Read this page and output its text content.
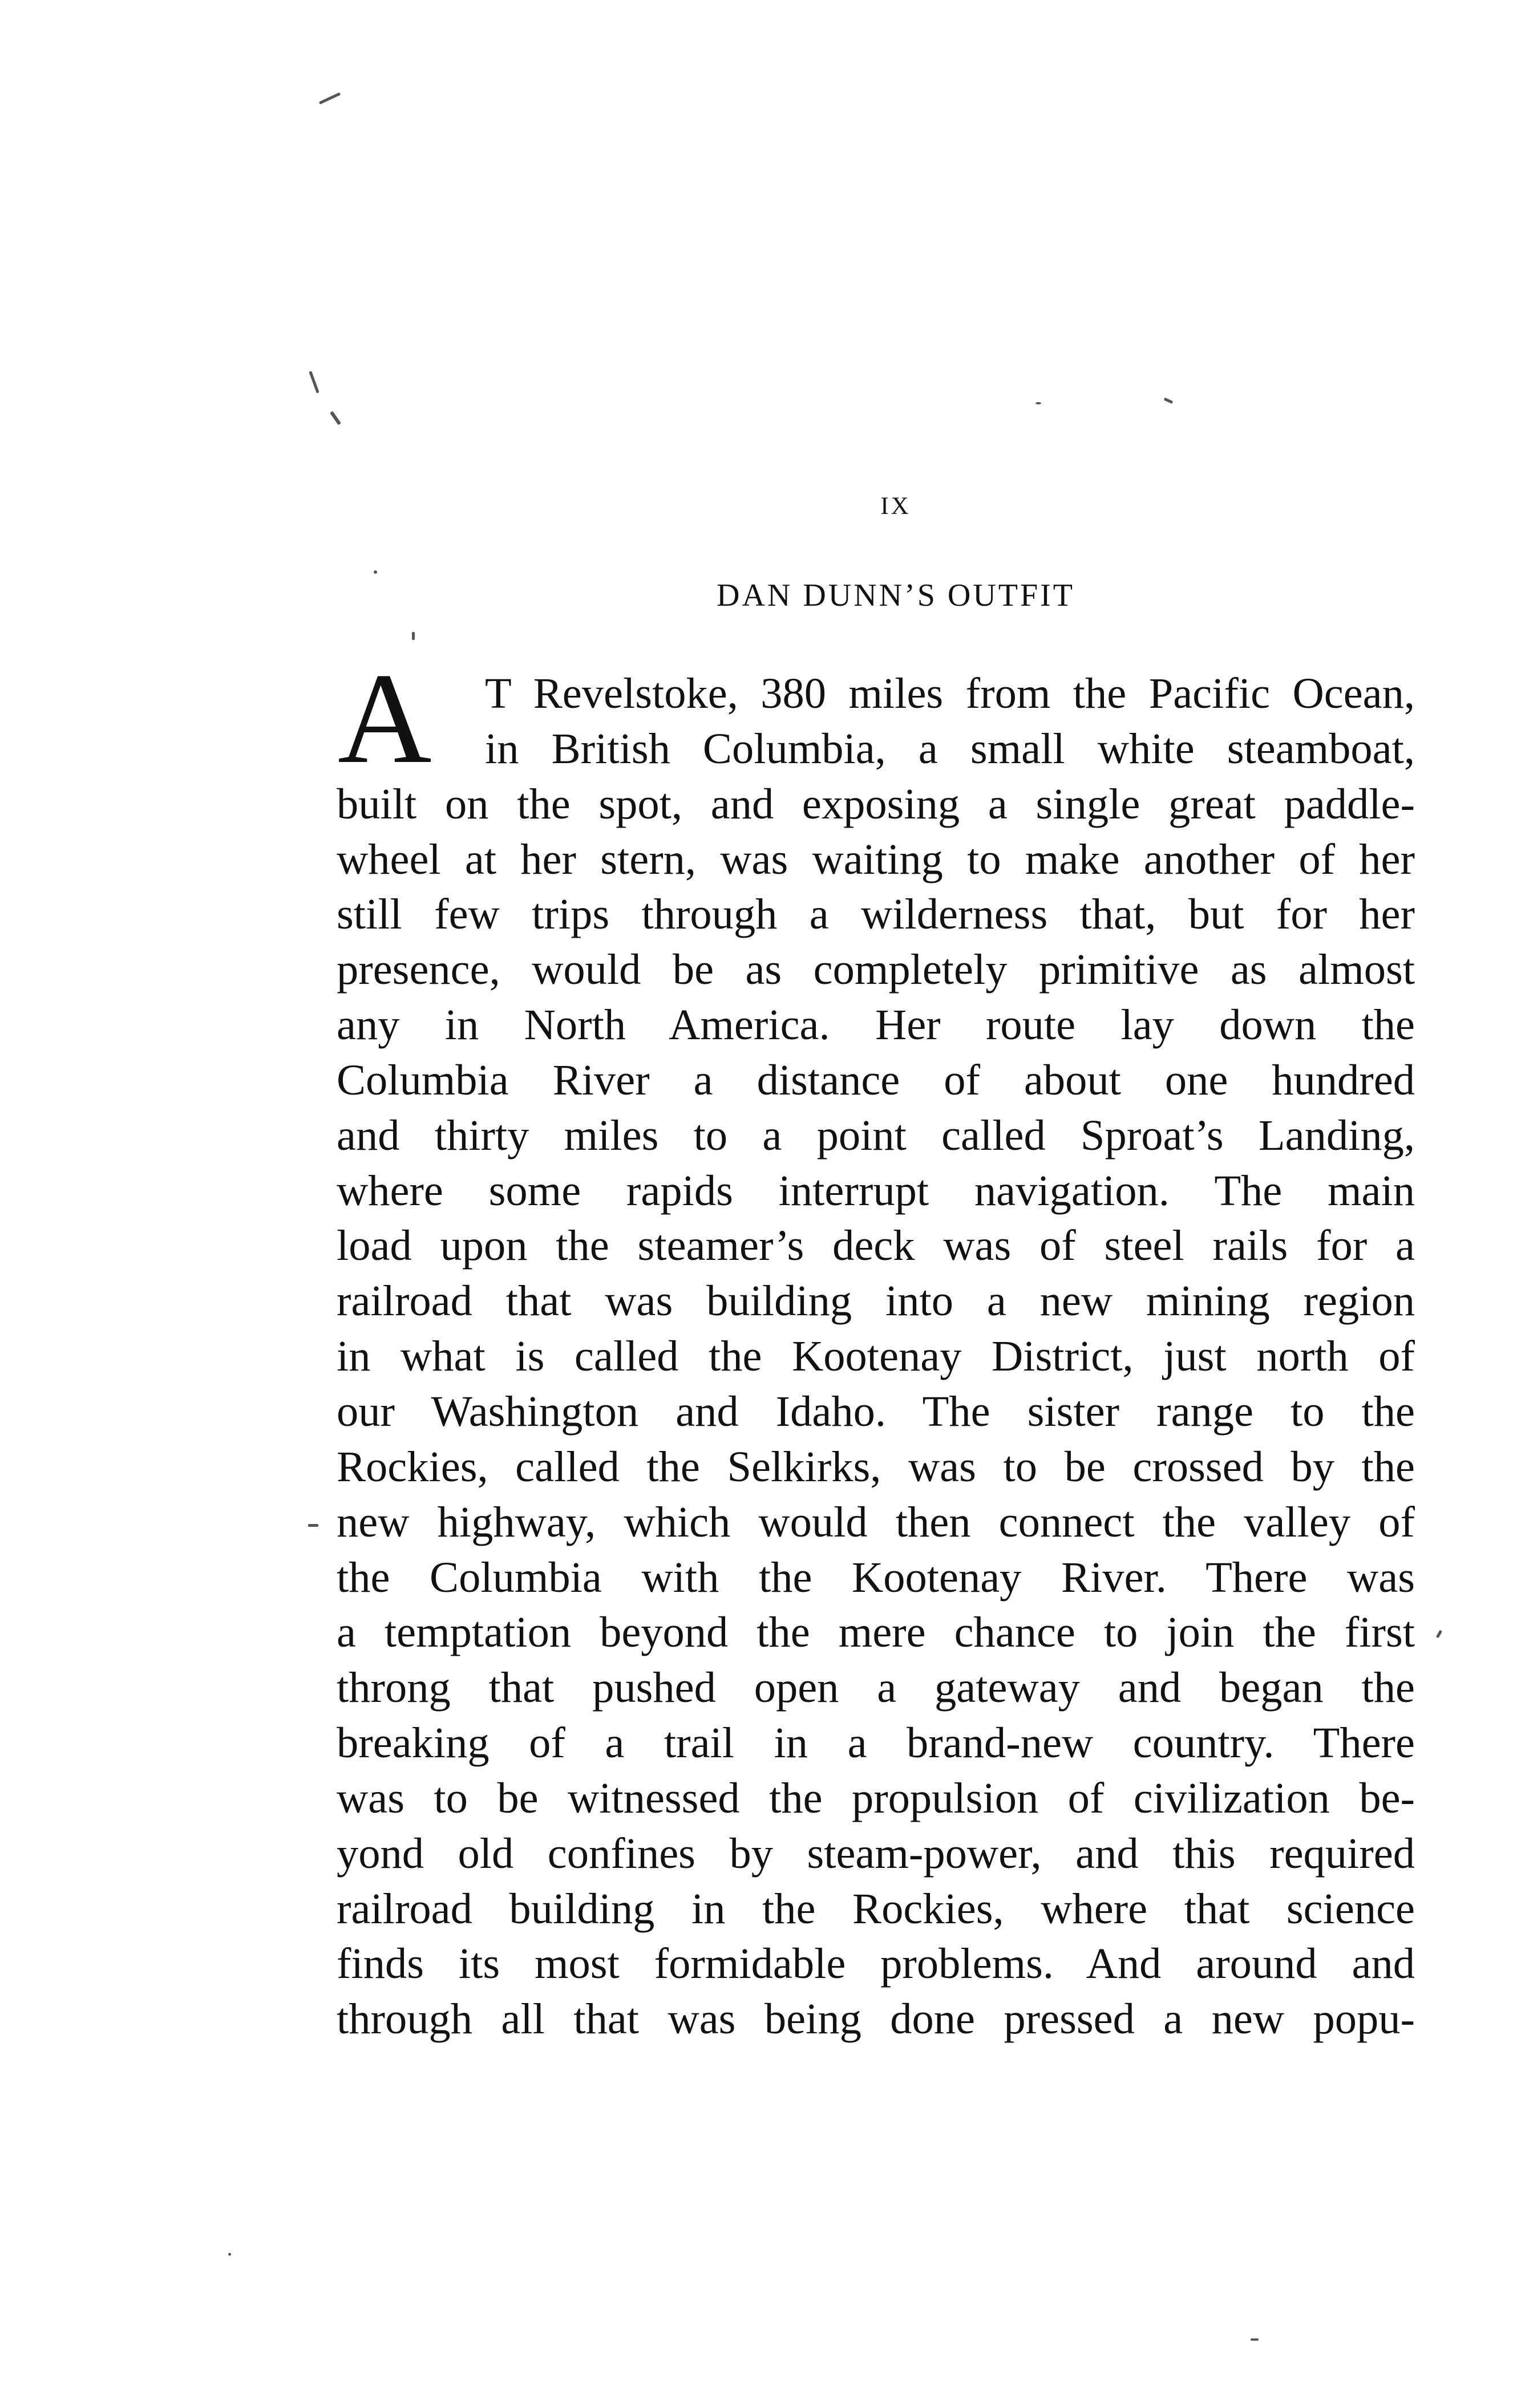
ix
DAN DUNN’S OUTFIT
A	T Revelstoke, 380 miles from the Pacific Ocean,
in British Columbia, a small white steamboat,
built on the spot, and exposing a single great paddle-
wheel at her stern, was waiting to make another of her
still few trips through a wilderness that, but for her
presence, would be as completely primitive as almost
any in North America. Her route lay down the
Columbia River a distance of about one hundred
and thirty miles to a point called Sproat’s Landing,
where some rapids interrupt navigation. The main
load upon the steamer’s deck was of steel rails for a
railroad that was building into a new mining region
in what is called the Kootenay District, just north of
our Washington and Idaho. The sister range to the
Rockies, called the Selkirks, was to be crossed by the
new highway, which would then connect the valley of
the Columbia with the Kootenay River. There was
a temptation beyond the mere chance to join the first
throng that pushed open a gateway and began the
breaking of a trail in a brand-new country. There
was to be witnessed the propulsion of civilization be-
yond old confines by steam-power, and this required
railroad building in the Rockies, where that science
finds its most formidable problems. And around and
through all that was being done pressed a new popu-
